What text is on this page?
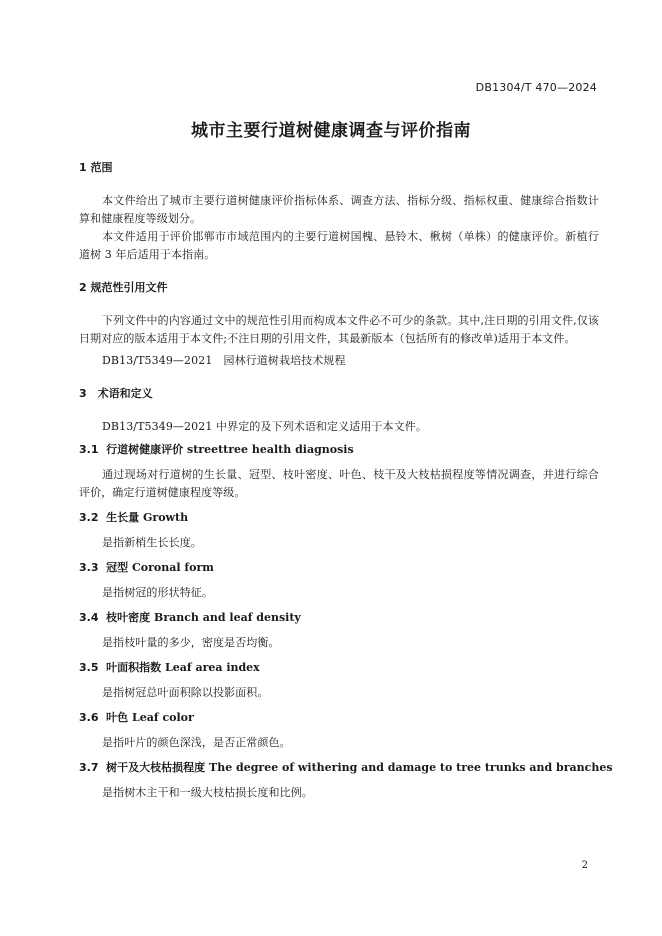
DB1304/T 470—2024
城市主要行道树健康调查与评价指南
1 范围

本文件给出了城市主要行道树健康评价指标体系、调查方法、指标分级、指标权重、健康综合指数计算和健康程度等级划分。

本文件适用于评价邯郸市市域范围内的主要行道树国槐、悬铃木、楸树（单株）的健康评价。新植行道树 3 年后适用于本指南。

2 规范性引用文件

下列文件中的内容通过文中的规范性引用而构成本文件必不可少的条款。其中,注日期的引用文件,仅该日期对应的版本适用于本文件;不注日期的引用文件，其最新版本（包括所有的修改单)适用于本文件。

DB13/T5349—2021　园林行道树栽培技术规程

3　术语和定义

DB13/T5349—2021 中界定的及下列术语和定义适用于本文件。

3.1 行道树健康评价 streettree health diagnosis

通过现场对行道树的生长量、冠型、枝叶密度、叶色、枝干及大枝枯损程度等情况调查，并进行综合评价，确定行道树健康程度等级。

3.2 生长量 Growth

是指新梢生长长度。

3.3 冠型 Coronal form

是指树冠的形状特征。

3.4 枝叶密度 Branch and leaf density

是指枝叶量的多少，密度是否均衡。

3.5 叶面积指数 Leaf area index

是指树冠总叶面积除以投影面积。

3.6 叶色 Leaf color

是指叶片的颜色深浅，是否正常颜色。

3.7 树干及大枝枯损程度 The degree of withering and damage to tree trunks and branches

是指树木主干和一级大枝枯损长度和比例。

2
